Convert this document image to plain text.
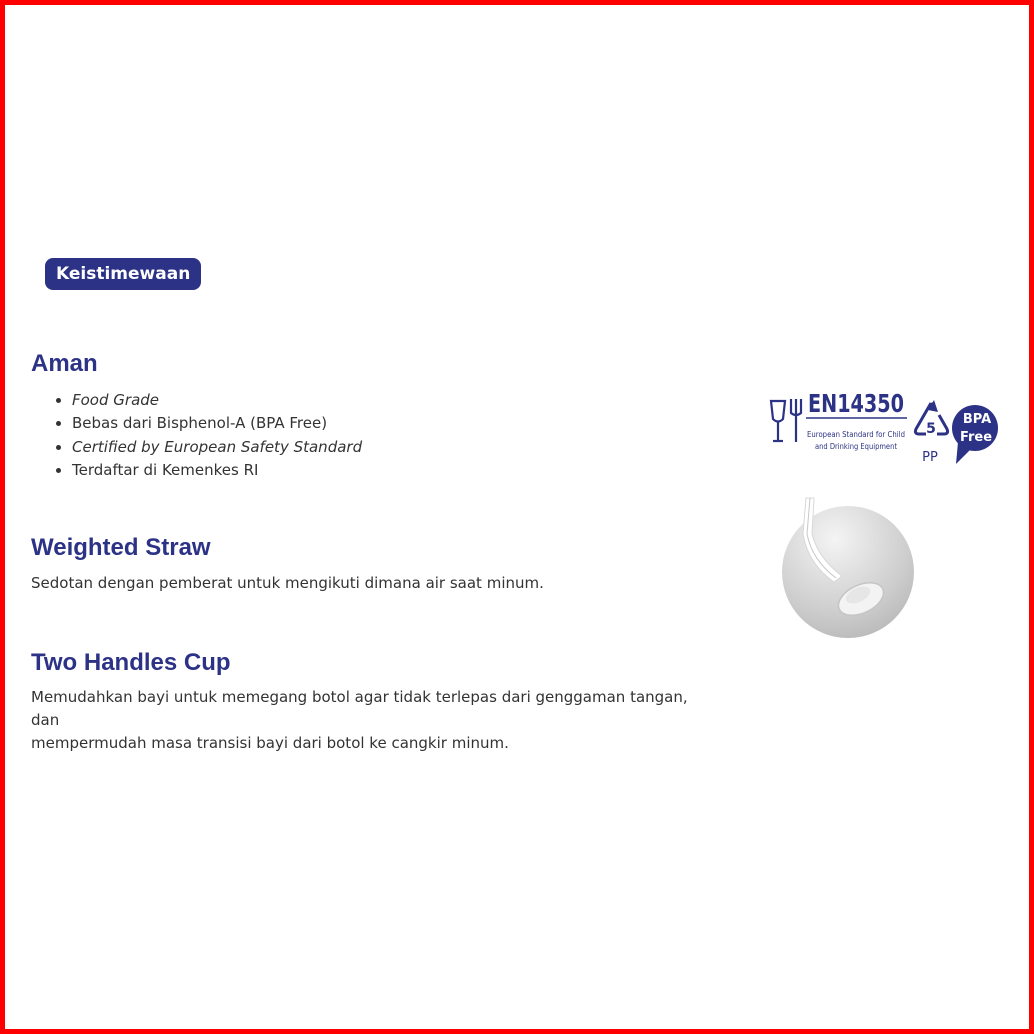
Keistimewaan
Aman
• Food Grade
• Bebas dari Bisphenol-A (BPA Free)
• Certified by European Safety Standard
• Terdaftar di Kemenkes RI
Weighted Straw

Sedotan dengan pemberat untuk mengikuti dimana air saat minum.

Two Handles Cup

Memudahkan bayi untuk memegang botol agar tidak terlepas dari genggaman tangan, dan
mempermudah masa transisi bayi dari botol ke cangkir minum.

EN14350
European Standard for Child
and Drinking Equipment
5
PP
BPA
Free
